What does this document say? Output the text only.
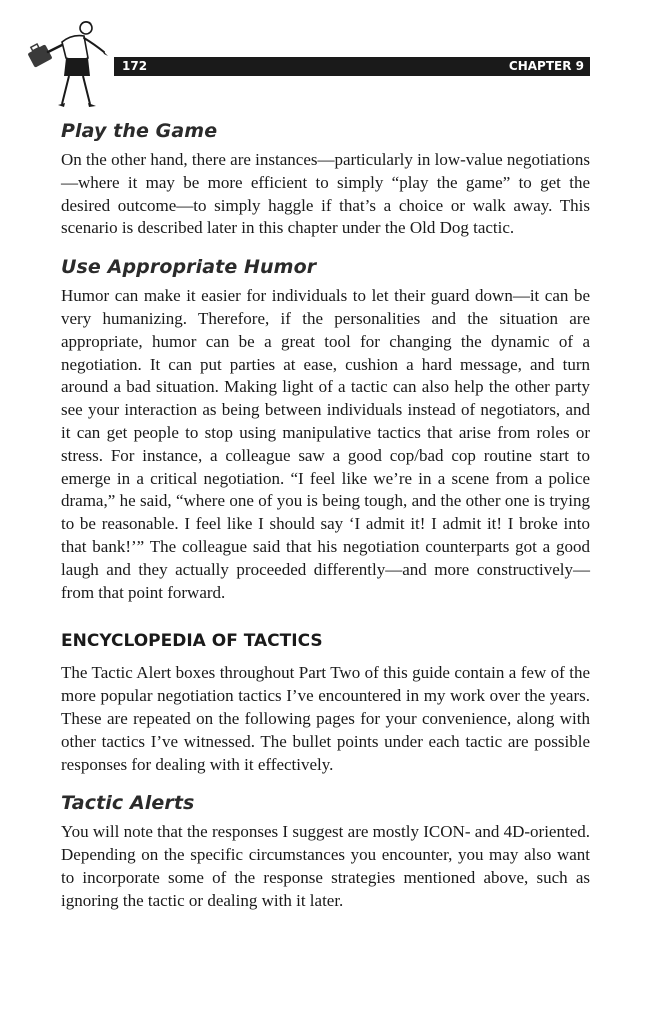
172	CHAPTER 9
Play the Game

On the other hand, there are instances—particularly in low-value negotiations—where it may be more efficient to simply “play the game” to get the desired outcome—to simply haggle if that’s a choice or walk away. This scenario is described later in this chapter under the Old Dog tactic.

Use Appropriate Humor

Humor can make it easier for individuals to let their guard down—it can be very humanizing. Therefore, if the personalities and the situation are appropriate, humor can be a great tool for changing the dynamic of a negotiation. It can put parties at ease, cushion a hard message, and turn around a bad situation. Making light of a tactic can also help the other party see your interaction as being between individuals instead of negotiators, and it can get people to stop using manipulative tactics that arise from roles or stress. For instance, a colleague saw a good cop/bad cop routine start to emerge in a critical negotiation. “I feel like we’re in a scene from a police drama,” he said, “where one of you is being tough, and the other one is trying to be reasonable. I feel like I should say ‘I admit it! I admit it! I broke into that bank!’” The colleague said that his negotiation counterparts got a good laugh and they actually proceeded differently—and more constructively—from that point forward.

ENCYCLOPEDIA OF TACTICS

The Tactic Alert boxes throughout Part Two of this guide contain a few of the more popular negotiation tactics I’ve encountered in my work over the years. These are repeated on the following pages for your convenience, along with other tactics I’ve witnessed. The bullet points under each tactic are possible responses for dealing with it effectively.

Tactic Alerts

You will note that the responses I suggest are mostly ICON- and 4D-oriented. Depending on the specific circumstances you encounter, you may also want to incorporate some of the response strategies mentioned above, such as ignoring the tactic or dealing with it later.
